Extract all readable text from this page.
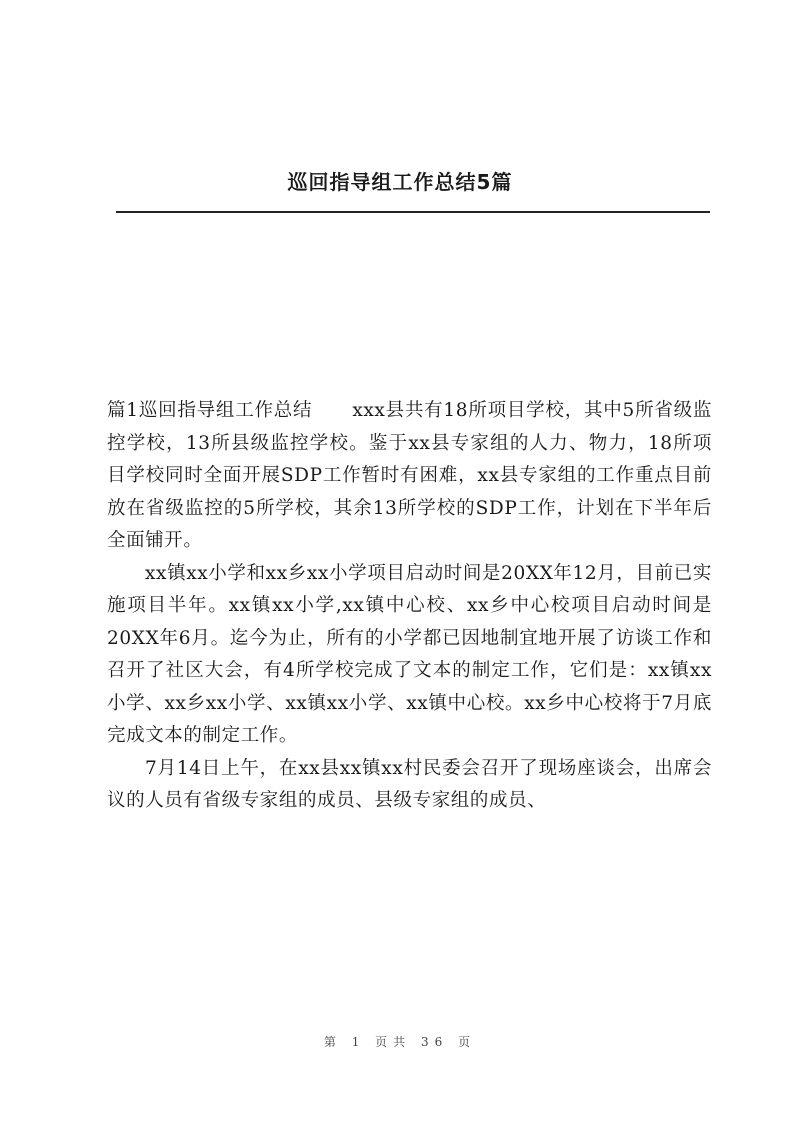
巡回指导组工作总结5篇

篇1巡回指导组工作总结 xxx县共有18所项目学校，其中5所省级监控学校，13所县级监控学校。鉴于xx县专家组的人力、物力，18所项目学校同时全面开展SDP工作暂时有困难，xx县专家组的工作重点目前放在省级监控的5所学校，其余13所学校的SDP工作，计划在下半年后全面铺开。

xx镇xx小学和xx乡xx小学项目启动时间是20XX年12月，目前已实施项目半年。xx镇xx小学,xx镇中心校、xx乡中心校项目启动时间是20XX年6月。迄今为止，所有的小学都已因地制宜地开展了访谈工作和召开了社区大会，有4所学校完成了文本的制定工作，它们是：xx镇xx小学、xx乡xx小学、xx镇xx小学、xx镇中心校。xx乡中心校将于7月底完成文本的制定工作。

7月14日上午，在xx县xx镇xx村民委会召开了现场座谈会，出席会议的人员有省级专家组的成员、县级专家组的成员、

第 1 页共 36 页
